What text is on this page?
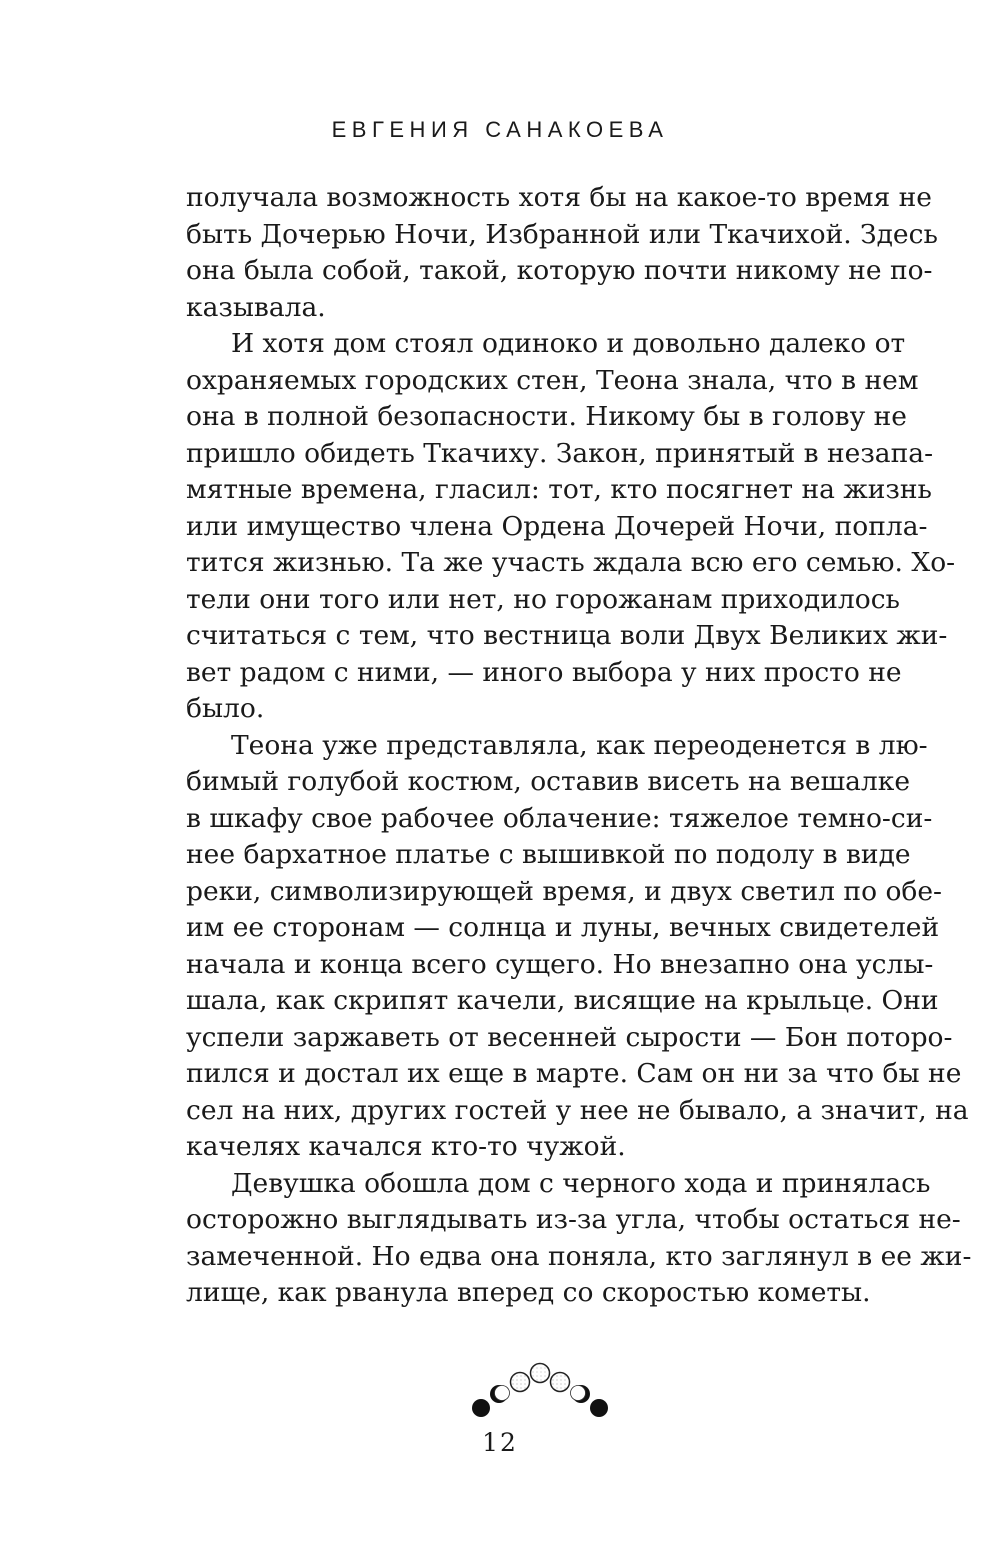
ЕВГЕНИЯ САНАКОЕВА
получала возможность хотя бы на какое-то время не
быть Дочерью Ночи, Избранной или Ткачихой. Здесь
она была собой, такой, которую почти никому не по-
казывала.
И хотя дом стоял одиноко и довольно далеко от
охраняемых городских стен, Теона знала, что в нем
она в полной безопасности. Никому бы в голову не
пришло обидеть Ткачиху. Закон, принятый в незапа-
мятные времена, гласил: тот, кто посягнет на жизнь
или имущество члена Ордена Дочерей Ночи, попла-
тится жизнью. Та же участь ждала всю его семью. Хо-
тели они того или нет, но горожанам приходилось
считаться с тем, что вестница воли Двух Великих жи-
вет радом с ними, — иного выбора у них просто не
было.
Теона уже представляла, как переоденется в лю-
бимый голубой костюм, оставив висеть на вешалке
в шкафу свое рабочее облачение: тяжелое темно-си-
нее бархатное платье с вышивкой по подолу в виде
реки, символизирующей время, и двух светил по обе-
им ее сторонам — солнца и луны, вечных свидетелей
начала и конца всего сущего. Но внезапно она услы-
шала, как скрипят качели, висящие на крыльце. Они
успели заржаветь от весенней сырости — Бон поторо-
пился и достал их еще в марте. Сам он ни за что бы не
сел на них, других гостей у нее не бывало, а значит, на
качелях качался кто-то чужой.
Девушка обошла дом с черного хода и принялась
осторожно выглядывать из-за угла, чтобы остаться не-
замеченной. Но едва она поняла, кто заглянул в ее жи-
лище, как рванула вперед со скоростью кометы.
12
